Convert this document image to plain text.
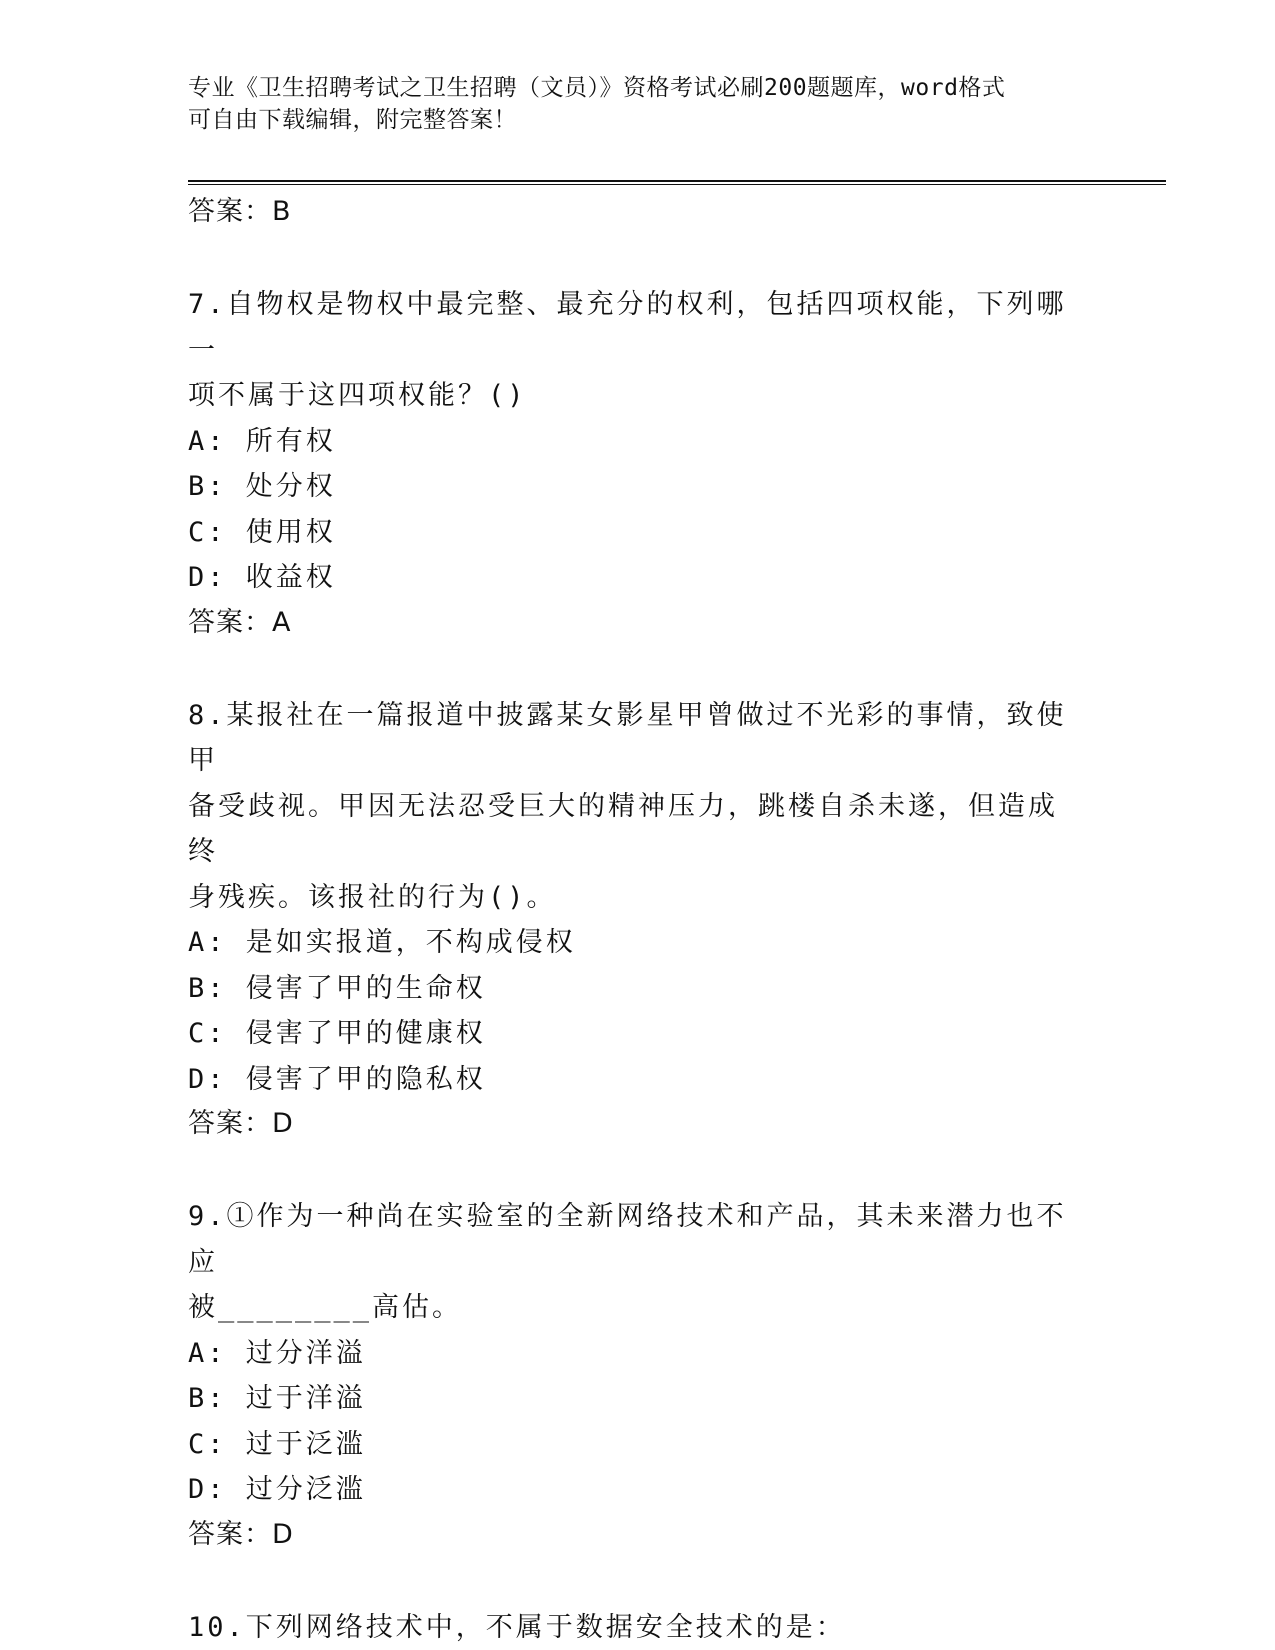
专业《卫生招聘考试之卫生招聘（文员）》资格考试必刷200题题库，word格式
可自由下载编辑，附完整答案！
答案：B
7.自物权是物权中最完整、最充分的权利，包括四项权能，下列哪一
项不属于这四项权能？()
A: 所有权
B: 处分权
C: 使用权
D: 收益权
答案：A
8.某报社在一篇报道中披露某女影星甲曾做过不光彩的事情，致使甲
备受歧视。甲因无法忍受巨大的精神压力，跳楼自杀未遂，但造成终
身残疾。该报社的行为()。
A: 是如实报道，不构成侵权
B: 侵害了甲的生命权
C: 侵害了甲的健康权
D: 侵害了甲的隐私权
答案：D
9.①作为一种尚在实验室的全新网络技术和产品，其未来潜力也不应
被________高估。
A: 过分洋溢
B: 过于洋溢
C: 过于泛滥
D: 过分泛滥
答案：D
10.下列网络技术中，不属于数据安全技术的是：
